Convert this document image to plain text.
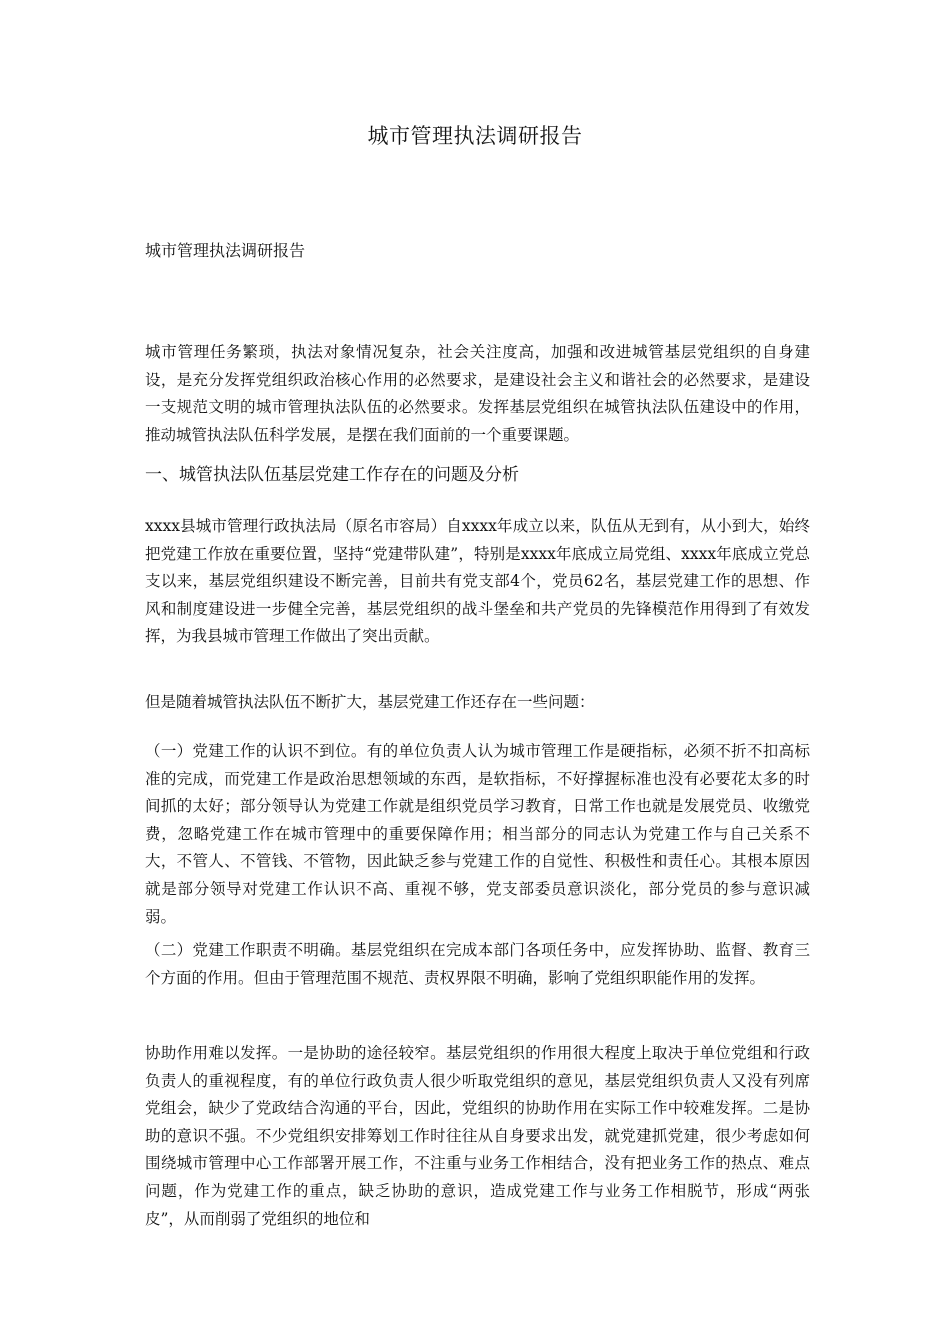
城市管理执法调研报告

城市管理执法调研报告

城市管理任务繁琐，执法对象情况复杂，社会关注度高，加强和改进城管基层党组织的自身建设，是充分发挥党组织政治核心作用的必然要求，是建设社会主义和谐社会的必然要求，是建设一支规范文明的城市管理执法队伍的必然要求。发挥基层党组织在城管执法队伍建设中的作用，推动城管执法队伍科学发展，是摆在我们面前的一个重要课题。

一、城管执法队伍基层党建工作存在的问题及分析

xxxx县城市管理行政执法局（原名市容局）自xxxx年成立以来，队伍从无到有，从小到大，始终把党建工作放在重要位置，坚持“党建带队建”，特别是xxxx年底成立局党组、xxxx年底成立党总支以来，基层党组织建设不断完善，目前共有党支部4个，党员62名，基层党建工作的思想、作风和制度建设进一步健全完善，基层党组织的战斗堡垒和共产党员的先锋模范作用得到了有效发挥，为我县城市管理工作做出了突出贡献。

但是随着城管执法队伍不断扩大，基层党建工作还存在一些问题：

（一）党建工作的认识不到位。有的单位负责人认为城市管理工作是硬指标，必须不折不扣高标准的完成，而党建工作是政治思想领域的东西，是软指标，不好撑握标准也没有必要花太多的时间抓的太好；部分领导认为党建工作就是组织党员学习教育，日常工作也就是发展党员、收缴党费，忽略党建工作在城市管理中的重要保障作用；相当部分的同志认为党建工作与自己关系不大，不管人、不管钱、不管物，因此缺乏参与党建工作的自觉性、积极性和责任心。其根本原因就是部分领导对党建工作认识不高、重视不够，党支部委员意识淡化，部分党员的参与意识减弱。

（二）党建工作职责不明确。基层党组织在完成本部门各项任务中，应发挥协助、监督、教育三个方面的作用。但由于管理范围不规范、责权界限不明确，影响了党组织职能作用的发挥。

协助作用难以发挥。一是协助的途径较窄。基层党组织的作用很大程度上取决于单位党组和行政负责人的重视程度，有的单位行政负责人很少听取党组织的意见，基层党组织负责人又没有列席党组会，缺少了党政结合沟通的平台，因此，党组织的协助作用在实际工作中较难发挥。二是协助的意识不强。不少党组织安排筹划工作时往往从自身要求出发，就党建抓党建，很少考虑如何围绕城市管理中心工作部署开展工作，不注重与业务工作相结合，没有把业务工作的热点、难点问题，作为党建工作的重点，缺乏协助的意识，造成党建工作与业务工作相脱节，形成“两张皮”，从而削弱了党组织的地位和
